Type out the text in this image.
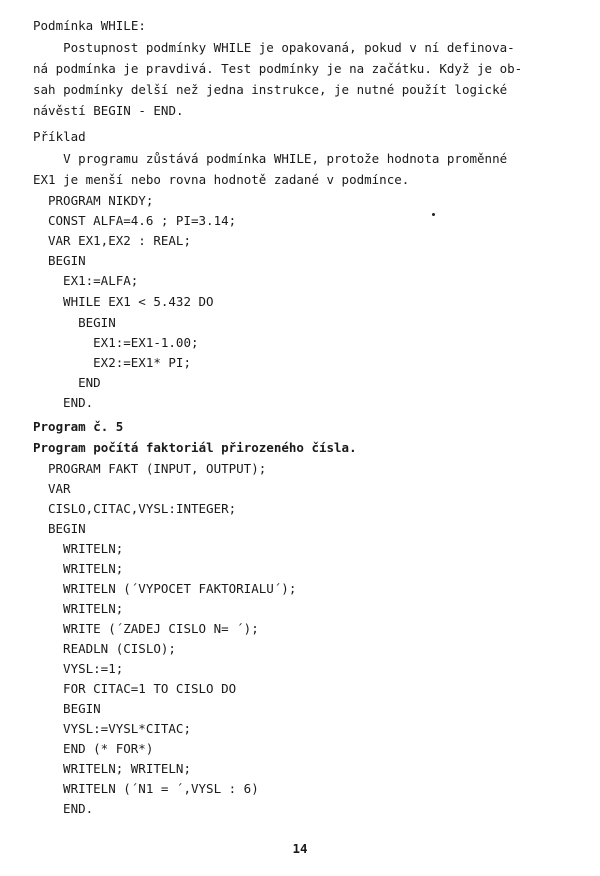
Podmínka WHILE:
Postupnost podmínky WHILE je opakovaná, pokud v ní definova-
ná podmínka je pravdivá. Test podmínky je na začátku. Když je ob-
sah podmínky delší než jedna instrukce, je nutné použít logické
návěstí BEGIN - END.
Příklad
V programu zůstává podmínka WHILE, protože hodnota proměnné
EX1 je menší nebo rovna hodnotě zadané v podmínce.
PROGRAM NIKDY;
CONST ALFA=4.6 ; PI=3.14;
VAR EX1,EX2 : REAL;
BEGIN
EX1:=ALFA;
WHILE EX1 < 5.432 DO
BEGIN
EX1:=EX1-1.00;
EX2:=EX1* PI;
END
END.
Program č. 5
Program počítá faktoriál přirozeného čísla.
PROGRAM FAKT (INPUT, OUTPUT);
VAR
CISLO,CITAC,VYSL:INTEGER;
BEGIN
WRITELN;
WRITELN;
WRITELN (´VYPOCET FAKTORIALU´);
WRITELN;
WRITE (´ZADEJ CISLO N= ´);
READLN (CISLO);
VYSL:=1;
FOR CITAC=1 TO CISLO DO
BEGIN
VYSL:=VYSL*CITAC;
END (* FOR*)
WRITELN; WRITELN;
WRITELN (´N1 = ´,VYSL : 6)
END.
14
